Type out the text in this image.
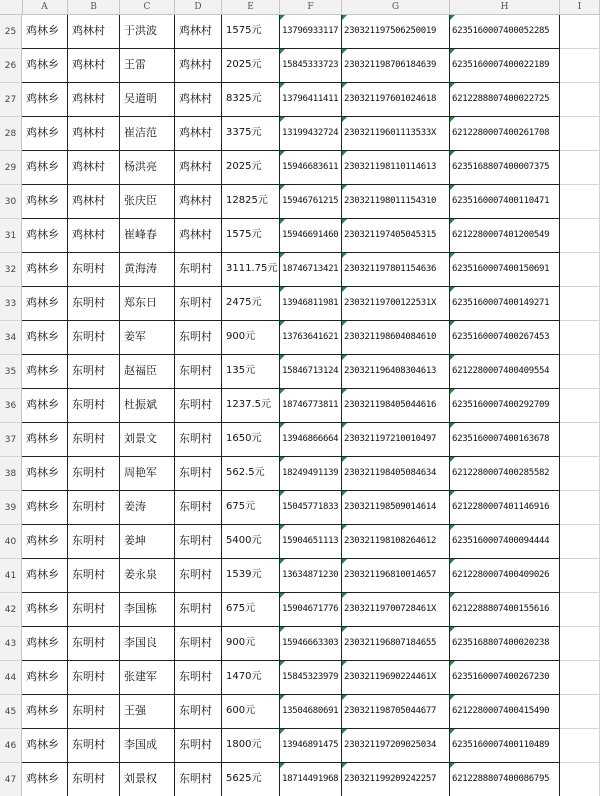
A	B	C	D	E	F	G	H	I
25 鸡林乡	鸡林村	于洪波	鸡林村	1575元	13796933117 230321197506250019	6235160007400052285
26 鸡林乡	鸡林村	王雷	鸡林村	2025元	15845333723 230321198706184639	6235160007400022189
27 鸡林乡	鸡林村	吴道明	鸡林村	8325元	13796411411 230321197601024618	6212288807400022725
28 鸡林乡	鸡林村	崔洁范	鸡林村	3375元	13199432724 23032119601113533X	6212280007400261708
29 鸡林乡	鸡林村	杨洪亮	鸡林村	2025元	15946683611 230321198110114613	6235168807400007375
30 鸡林乡	鸡林村	张庆臣	鸡林村	12825元	15946761215 230321198011154310	6235160007400110471
31 鸡林乡	鸡林村	崔峰春	鸡林村	1575元	15946691460 230321197405045315	6212280007401200549
32 鸡林乡	东明村	黄海涛	东明村	3111.75元 18746713421 230321197801154636	6235160007400150691
33 鸡林乡	东明村	郑东日	东明村	2475元	13946811981 23032119700122531X	6235160007400149271
34 鸡林乡	东明村	姜军	东明村	900元	13763641621 230321198604084610	6235160007400267453
35 鸡林乡	东明村	赵福臣	东明村	135元	15846713124 230321196408304613	6212280007400409554
36 鸡林乡	东明村	杜振斌	东明村	1237.5元	18746773811 230321198405044616	6235160007400292709
37 鸡林乡	东明村	刘景文	东明村	1650元	13946866664 230321197210010497	6235160007400163678
38 鸡林乡	东明村	周艳军	东明村	562.5元	18249491139 230321198405084634	6212280007400285582
39 鸡林乡	东明村	姜涛	东明村	675元	15045771833 230321198509014614	6212280007401146916
40 鸡林乡	东明村	姜坤	东明村	5400元	15904651113 230321198108264612	6235160007400094444
41 鸡林乡	东明村	姜永泉	东明村	1539元	13634871230 230321196810014657	6212280007400409026
42 鸡林乡	东明村	李国栋	东明村	675元	15904671776 23032119700728461X	6212288807400155616
43 鸡林乡	东明村	李国良	东明村	900元	15946663303 230321196807184655	6235168807400020238
44 鸡林乡	东明村	张建军	东明村	1470元	15845323979 23032119690224461X	6235160007400267230
45 鸡林乡	东明村	王强	东明村	600元	13504680691 230321198705044677	6212280007400415490
46 鸡林乡	东明村	李国成	东明村	1800元	13946891475 230321197209025034	6235160007400110489
47 鸡林乡	东明村	刘景权	东明村	5625元	18714491968 230321199209242257	6212288807400086795
